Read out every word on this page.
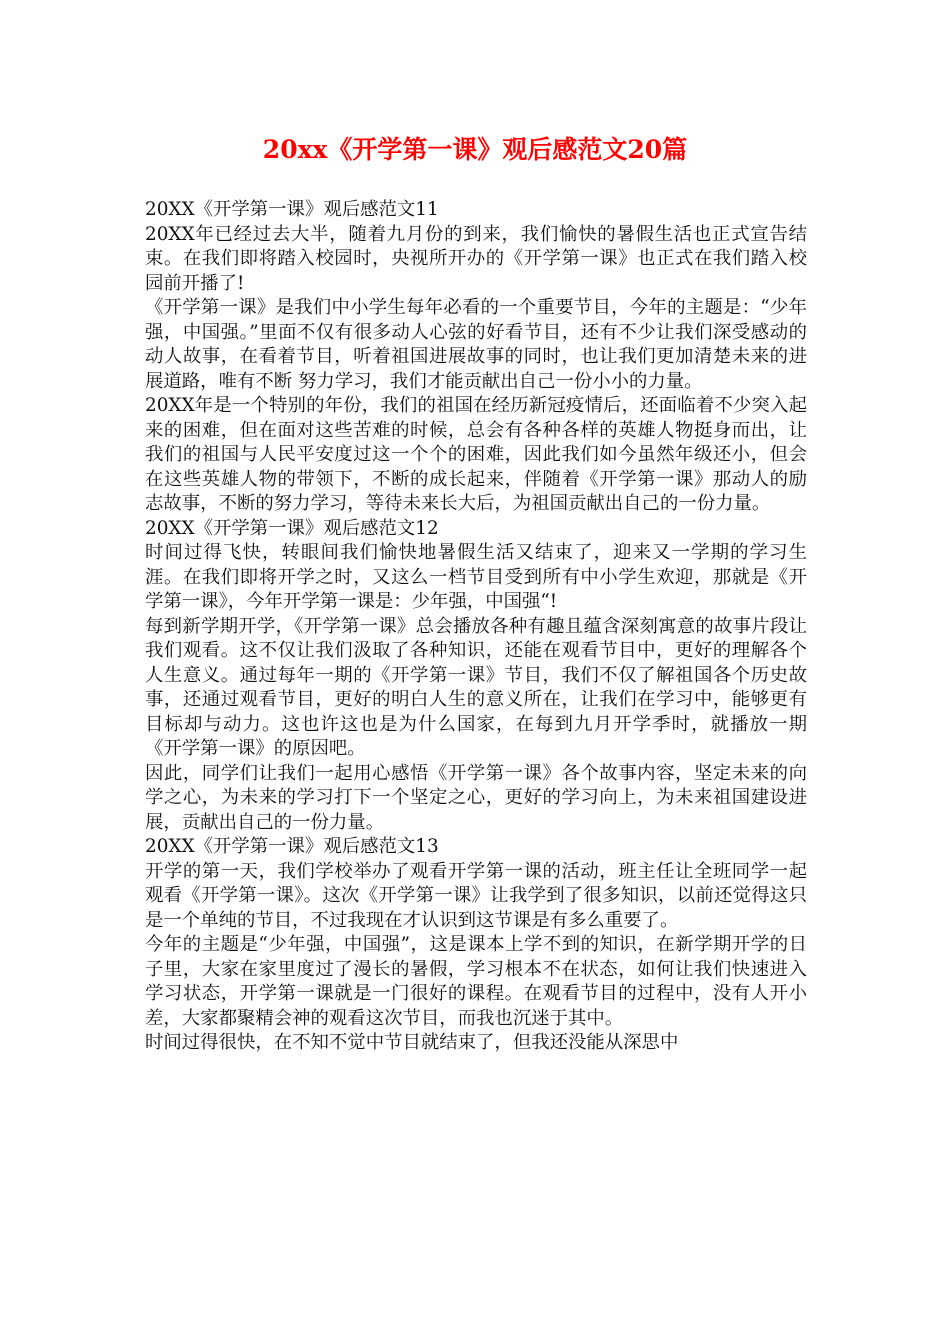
20xx《开学第一课》观后感范文20篇

20XX《开学第一课》观后感范文11

20XX年已经过去大半，随着九月份的到来，我们愉快的暑假生活也正式宣告结束。在我们即将踏入校园时，央视所开办的《开学第一课》也正式在我们踏入校园前开播了!

《开学第一课》是我们中小学生每年必看的一个重要节目，今年的主题是：“少年强，中国强。”里面不仅有很多动人心弦的好看节目，还有不少让我们深受感动的动人故事，在看着节目，听着祖国进展故事的同时，也让我们更加清楚未来的进展道路，唯有不断 努力学习，我们才能贡献出自己一份小小的力量。

20XX年是一个特别的年份，我们的祖国在经历新冠疫情后，还面临着不少突入起来的困难，但在面对这些苦难的时候，总会有各种各样的英雄人物挺身而出，让我们的祖国与人民平安度过这一个个的困难，因此我们如今虽然年级还小，但会在这些英雄人物的带领下，不断的成长起来，伴随着《开学第一课》那动人的励志故事，不断的努力学习，等待未来长大后，为祖国贡献出自己的一份力量。

20XX《开学第一课》观后感范文12

时间过得飞快，转眼间我们愉快地暑假生活又结束了，迎来又一学期的学习生涯。在我们即将开学之时，又这么一档节目受到所有中小学生欢迎，那就是《开学第一课》，今年开学第一课是：少年强，中国强“!

每到新学期开学，《开学第一课》总会播放各种有趣且蕴含深刻寓意的故事片段让我们观看。这不仅让我们汲取了各种知识，还能在观看节目中，更好的理解各个人生意义。通过每年一期的《开学第一课》节目，我们不仅了解祖国各个历史故事，还通过观看节目，更好的明白人生的意义所在，让我们在学习中，能够更有目标却与动力。这也许这也是为什么国家，在每到九月开学季时，就播放一期《开学第一课》的原因吧。

因此，同学们让我们一起用心感悟《开学第一课》各个故事内容，坚定未来的向学之心，为未来的学习打下一个坚定之心，更好的学习向上，为未来祖国建设进展，贡献出自己的一份力量。

20XX《开学第一课》观后感范文13

开学的第一天，我们学校举办了观看开学第一课的活动，班主任让全班同学一起观看《开学第一课》。这次《开学第一课》让我学到了很多知识，以前还觉得这只是一个单纯的节目，不过我现在才认识到这节课是有多么重要了。

今年的主题是“少年强，中国强”，这是课本上学不到的知识，在新学期开学的日子里，大家在家里度过了漫长的暑假，学习根本不在状态，如何让我们快速进入学习状态，开学第一课就是一门很好的课程。在观看节目的过程中，没有人开小差，大家都聚精会神的观看这次节目，而我也沉迷于其中。

时间过得很快，在不知不觉中节目就结束了，但我还没能从深思中
